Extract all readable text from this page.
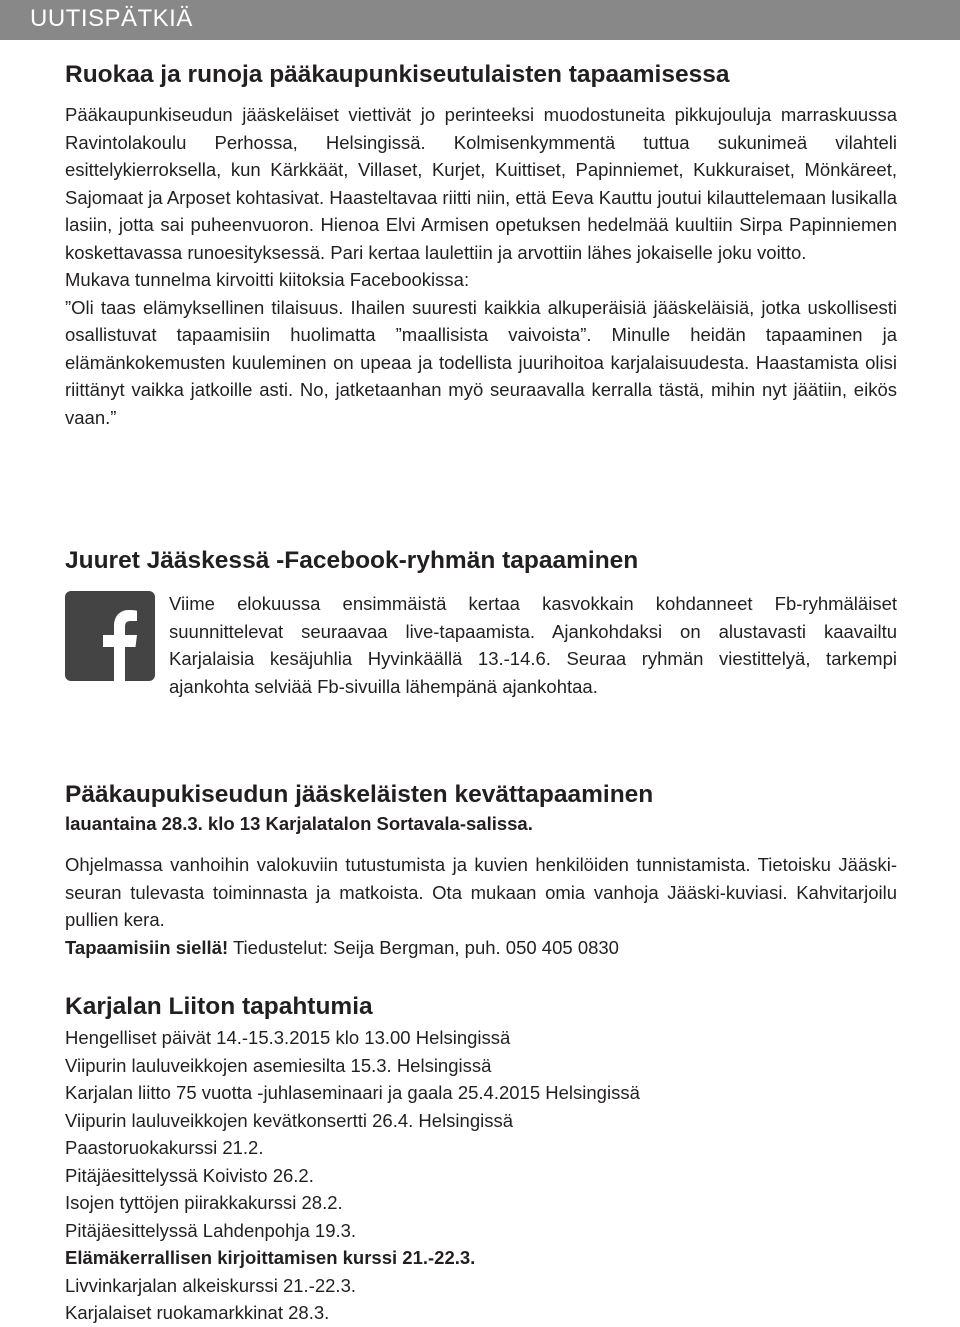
UUTISPÄTKIÄ
Ruokaa ja runoja pääkaupunkiseutulaisten tapaamisessa

Pääkaupunkiseudun jääskeläiset viettivät jo perinteeksi muodostuneita pikkujouluja marraskuussa Ravintolakoulu Perhossa, Helsingissä. Kolmisenkymmentä tuttua sukunimeä vilahteli esittelykierroksella, kun Kärkkäät, Villaset, Kurjet, Kuittiset, Papinniemet, Kukkuraiset, Mönkäreet, Sajomaat ja Arposet kohtasivat. Haasteltavaa riitti niin, että Eeva Kauttu joutui kilauttelemaan lusikalla lasiin, jotta sai puheenvuoron. Hienoa Elvi Armisen opetuksen hedelmää kuultiin Sirpa Papinniemen koskettavassa runoesityksessä. Pari kertaa laulettiin ja arvottiin lähes jokaiselle joku voitto.

Mukava tunnelma kirvoitti kiitoksia Facebookissa:

”Oli taas elämyksellinen tilaisuus. Ihailen suuresti kaikkia alkuperäisiä jääskeläisiä, jotka uskollisesti osallistuvat tapaamisiin huolimatta ”maallisista vaivoista”. Minulle heidän tapaaminen ja elämänkokemusten kuuleminen on upeaa ja todellista juurihoitoa karjalaisuudesta. Haastamista olisi riittänyt vaikka jatkoille asti. No, jatketaanhan myö seuraavalla kerralla tästä, mihin nyt jäätiin, eikös vaan.”

Juuret Jääskessä -Facebook-ryhmän tapaaminen
Viime elokuussa ensimmäistä kertaa kasvokkain kohdanneet Fb-ryhmäläiset suunnittelevat seuraavaa live-tapaamista. Ajankohdaksi on alustavasti kaavailtu Karjalaisia kesäjuhlia Hyvinkäällä 13.-14.6. Seuraa ryhmän viestittelyä, tarkempi ajankohta selviää Fb-sivuilla lähempänä ajankohtaa.
Pääkaupukiseudun jääskeläisten kevättapaaminen
lauantaina 28.3. klo 13 Karjalatalon Sortavala-salissa.
Ohjelmassa vanhoihin valokuviin tutustumista ja kuvien henkilöiden tunnistamista. Tietoisku Jääski-seuran tulevasta toiminnasta ja matkoista. Ota mukaan omia vanhoja Jääski-kuviasi. Kahvitarjoilu pullien kera.
Tapaamisiin siellä! Tiedustelut: Seija Bergman, puh. 050 405 0830
Karjalan Liiton tapahtumia
Hengelliset päivät 14.-15.3.2015 klo 13.00 Helsingissä
Viipurin lauluveikkojen asemiesilta 15.3. Helsingissä
Karjalan liitto 75 vuotta -juhlaseminaari ja gaala 25.4.2015 Helsingissä
Viipurin lauluveikkojen kevätkonsertti 26.4. Helsingissä
Paastoruokakurssi 21.2.
Pitäjäesittelyssä Koivisto 26.2.
Isojen tyttöjen piirakkakurssi 28.2.
Pitäjäesittelyssä Lahdenpohja 19.3.
Elämäkerrallisen kirjoittamisen kurssi 21.-22.3.
Livvinkarjalan alkeiskurssi 21.-22.3.
Karjalaiset ruokamarkkinat 28.3.
